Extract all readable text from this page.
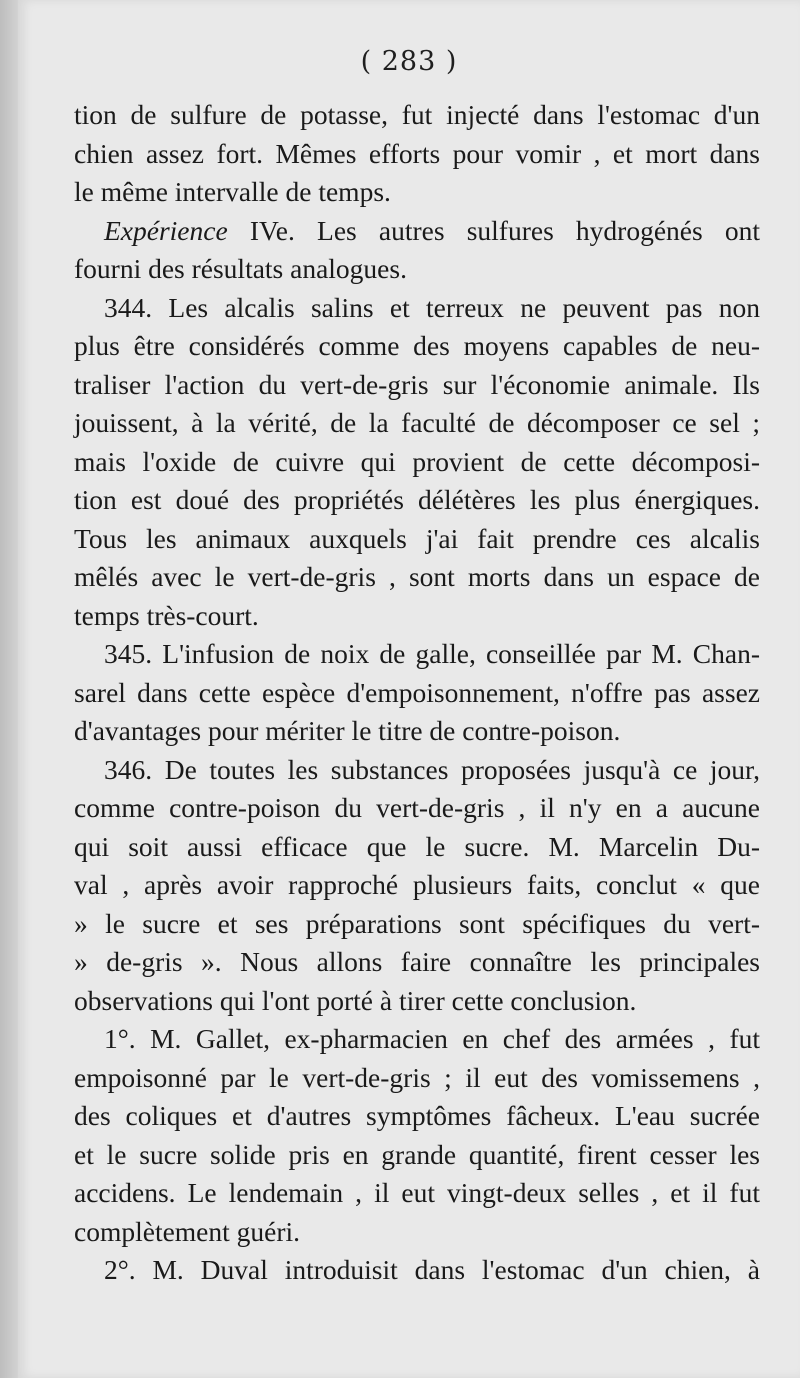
( 283 )

tion de sulfure de potasse, fut injecté dans l'estomac d'un

chien assez fort. Mêmes efforts pour vomir , et mort dans

le même intervalle de temps.

Expérience IVe. Les autres sulfures hydrogénés ont

fourni des résultats analogues.

344. Les alcalis salins et terreux ne peuvent pas non

plus être considérés comme des moyens capables de neu-

traliser l'action du vert-de-gris sur l'économie animale. Ils

jouissent, à la vérité, de la faculté de décomposer ce sel ;

mais l'oxide de cuivre qui provient de cette décomposi-

tion est doué des propriétés délétères les plus énergiques.

Tous les animaux auxquels j'ai fait prendre ces alcalis

mêlés avec le vert-de-gris , sont morts dans un espace de

temps très-court.

345. L'infusion de noix de galle, conseillée par M. Chan-

sarel dans cette espèce d'empoisonnement, n'offre pas assez

d'avantages pour mériter le titre de contre-poison.

346. De toutes les substances proposées jusqu'à ce jour,

comme contre-poison du vert-de-gris , il n'y en a aucune

qui soit aussi efficace que le sucre. M. Marcelin Du-

val , après avoir rapproché plusieurs faits, conclut « que

» le sucre et ses préparations sont spécifiques du vert-

» de-gris ». Nous allons faire connaître les principales

observations qui l'ont porté à tirer cette conclusion.

1°. M. Gallet, ex-pharmacien en chef des armées , fut

empoisonné par le vert-de-gris ; il eut des vomissemens ,

des coliques et d'autres symptômes fâcheux. L'eau sucrée

et le sucre solide pris en grande quantité, firent cesser les

accidens. Le lendemain , il eut vingt-deux selles , et il fut

complètement guéri.

2°. M. Duval introduisit dans l'estomac d'un chien, à
